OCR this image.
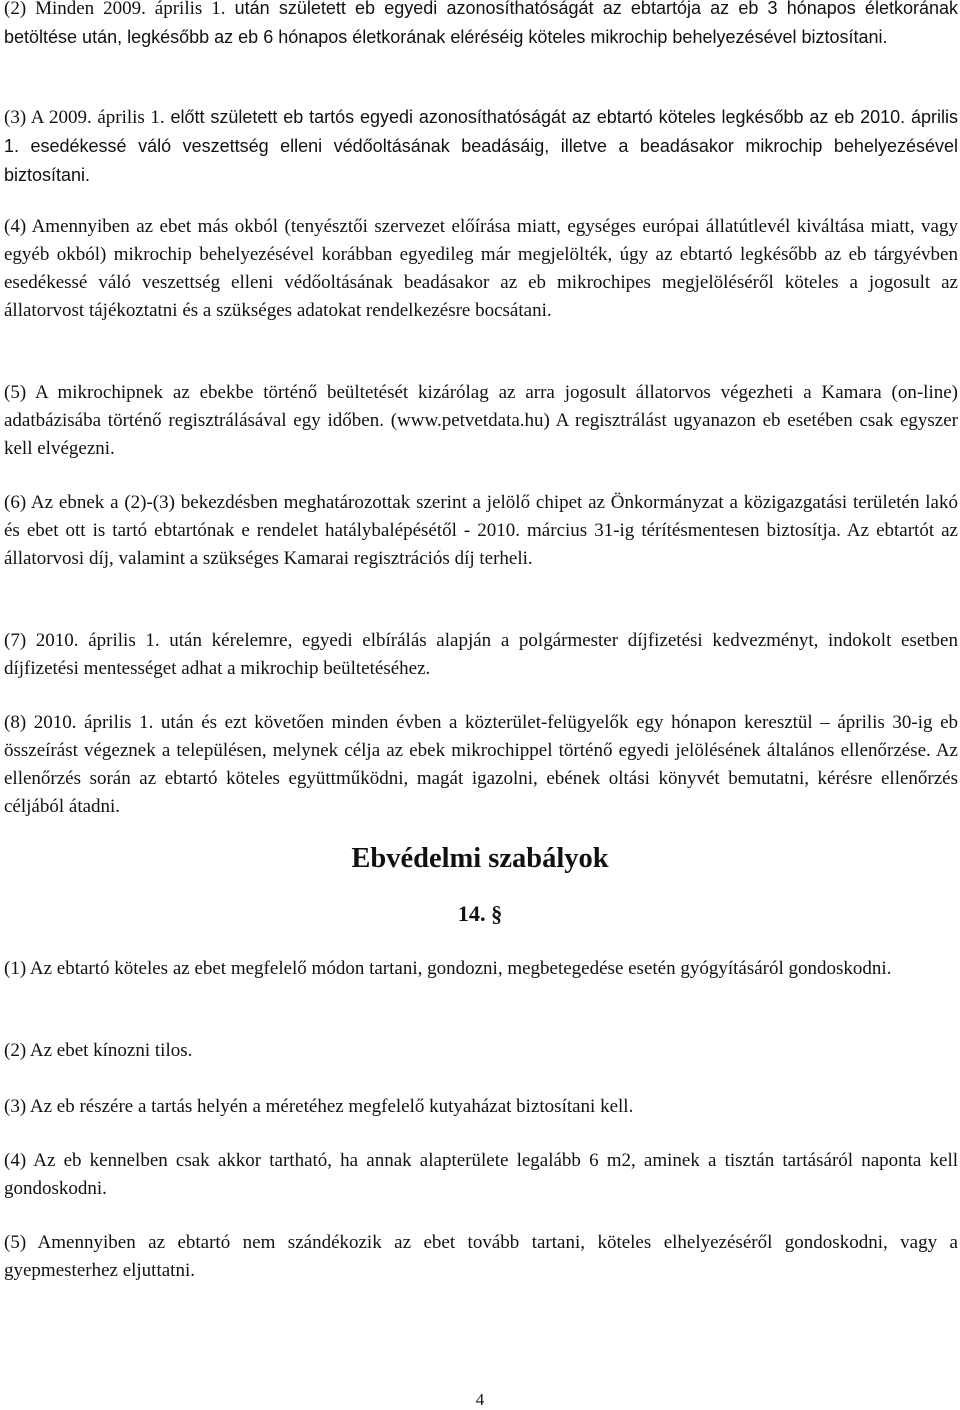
(2) Minden 2009. április 1. után született eb egyedi azonosíthatóságát az ebtartója az eb 3 hónapos életkorának betöltése után, legkésőbb az eb 6 hónapos életkorának eléréséig köteles mikrochip behelyezésével biztosítani.

(3) A 2009. április 1. előtt született eb tartós egyedi azonosíthatóságát az ebtartó köteles legkésőbb az eb 2010. április 1. esedékessé váló veszettség elleni védőoltásának beadásáig, illetve a beadásakor mikrochip behelyezésével biztosítani.

(4) Amennyiben az ebet más okból (tenyésztői szervezet előírása miatt, egységes európai állatútlevél kiváltása miatt, vagy egyéb okból) mikrochip behelyezésével korábban egyedileg már megjelölték, úgy az ebtartó legkésőbb az eb tárgyévben esedékessé váló veszettség elleni védőoltásának beadásakor az eb mikrochipes megjelöléséről köteles a jogosult az állatorvost tájékoztatni és a szükséges adatokat rendelkezésre bocsátani.

(5) A mikrochipnek az ebekbe történő beültetését kizárólag az arra jogosult állatorvos végezheti a Kamara (on-line) adatbázisába történő regisztrálásával egy időben. (www.petvetdata.hu) A regisztrálást ugyanazon eb esetében csak egyszer kell elvégezni.

(6) Az ebnek a (2)-(3) bekezdésben meghatározottak szerint a jelölő chipet az Önkormányzat a közigazgatási területén lakó és ebet ott is tartó ebtartónak e rendelet hatálybalépésétől - 2010. március 31-ig térítésmentesen biztosítja. Az ebtartót az állatorvosi díj, valamint a szükséges Kamarai regisztrációs díj terheli.

(7) 2010. április 1. után kérelemre, egyedi elbírálás alapján a polgármester díjfizetési kedvezményt, indokolt esetben díjfizetési mentességet adhat a mikrochip beültetéséhez.

(8) 2010. április 1. után és ezt követően minden évben a közterület-felügyelők egy hónapon keresztül – április 30-ig eb összeírást végeznek a településen, melynek célja az ebek mikrochippel történő egyedi jelölésének általános ellenőrzése. Az ellenőrzés során az ebtartó köteles együttműködni, magát igazolni, ebének oltási könyvét bemutatni, kérésre ellenőrzés céljából átadni.

Ebvédelmi szabályok
14. §

(1) Az ebtartó köteles az ebet megfelelő módon tartani, gondozni, megbetegedése esetén gyógyításáról gondoskodni.

(2) Az ebet kínozni tilos.

(3) Az eb részére a tartás helyén a méretéhez megfelelő kutyaházat biztosítani kell.

(4) Az eb kennelben csak akkor tartható, ha annak alapterülete legalább 6 m2, aminek a tisztán tartásáról naponta kell gondoskodni.

(5) Amennyiben az ebtartó nem szándékozik az ebet tovább tartani, köteles elhelyezéséről gondoskodni, vagy a gyepmesterhez eljuttatni.

4
